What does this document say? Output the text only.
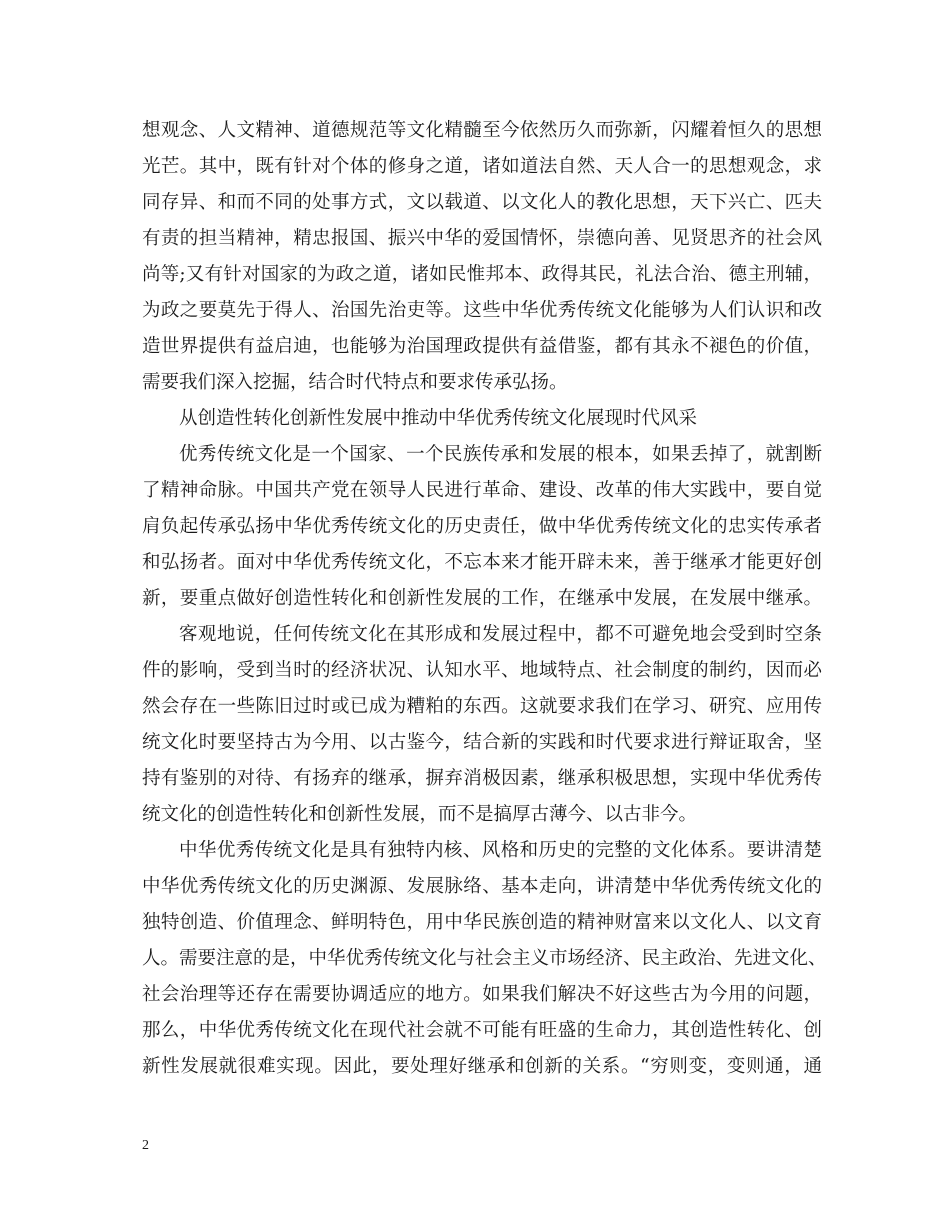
想观念、人文精神、道德规范等文化精髓至今依然历久而弥新，闪耀着恒久的思想
光芒。其中，既有针对个体的修身之道，诸如道法自然、天人合一的思想观念，求
同存异、和而不同的处事方式，文以载道、以文化人的教化思想，天下兴亡、匹夫
有责的担当精神，精忠报国、振兴中华的爱国情怀，崇德向善、见贤思齐的社会风
尚等;又有针对国家的为政之道，诸如民惟邦本、政得其民，礼法合治、德主刑辅，
为政之要莫先于得人、治国先治吏等。这些中华优秀传统文化能够为人们认识和改
造世界提供有益启迪，也能够为治国理政提供有益借鉴，都有其永不褪色的价值，
需要我们深入挖掘，结合时代特点和要求传承弘扬。
从创造性转化创新性发展中推动中华优秀传统文化展现时代风采
优秀传统文化是一个国家、一个民族传承和发展的根本，如果丢掉了，就割断
了精神命脉。中国共产党在领导人民进行革命、建设、改革的伟大实践中，要自觉
肩负起传承弘扬中华优秀传统文化的历史责任，做中华优秀传统文化的忠实传承者
和弘扬者。面对中华优秀传统文化，不忘本来才能开辟未来，善于继承才能更好创
新，要重点做好创造性转化和创新性发展的工作，在继承中发展，在发展中继承。
客观地说，任何传统文化在其形成和发展过程中，都不可避免地会受到时空条
件的影响，受到当时的经济状况、认知水平、地域特点、社会制度的制约，因而必
然会存在一些陈旧过时或已成为糟粕的东西。这就要求我们在学习、研究、应用传
统文化时要坚持古为今用、以古鉴今，结合新的实践和时代要求进行辩证取舍，坚
持有鉴别的对待、有扬弃的继承，摒弃消极因素，继承积极思想，实现中华优秀传
统文化的创造性转化和创新性发展，而不是搞厚古薄今、以古非今。
中华优秀传统文化是具有独特内核、风格和历史的完整的文化体系。要讲清楚
中华优秀传统文化的历史渊源、发展脉络、基本走向，讲清楚中华优秀传统文化的
独特创造、价值理念、鲜明特色，用中华民族创造的精神财富来以文化人、以文育
人。需要注意的是，中华优秀传统文化与社会主义市场经济、民主政治、先进文化、
社会治理等还存在需要协调适应的地方。如果我们解决不好这些古为今用的问题，
那么，中华优秀传统文化在现代社会就不可能有旺盛的生命力，其创造性转化、创
新性发展就很难实现。因此，要处理好继承和创新的关系。“穷则变，变则通，通
2
